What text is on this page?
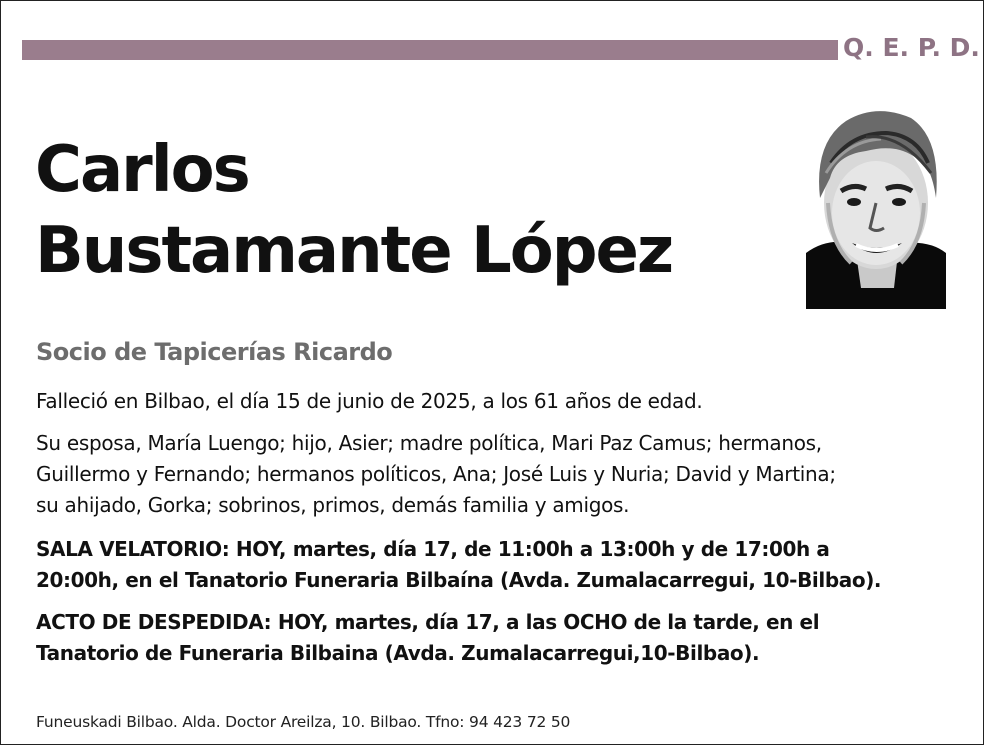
Q. E. P. D.
Carlos
Bustamante López
Socio de Tapicerías Ricardo
Falleció en Bilbao, el día 15 de junio de 2025, a los 61 años de edad.
Su esposa, María Luengo; hijo, Asier; madre política, Mari Paz Camus; hermanos,
Guillermo y Fernando; hermanos políticos, Ana; José Luis y Nuria; David y Martina;
su ahijado, Gorka; sobrinos, primos, demás familia y amigos.
SALA VELATORIO: HOY, martes, día 17, de 11:00h a 13:00h y de 17:00h a
20:00h, en el Tanatorio Funeraria Bilbaína (Avda. Zumalacarregui, 10-Bilbao).
ACTO DE DESPEDIDA: HOY, martes, día 17, a las OCHO de la tarde, en el
Tanatorio de Funeraria Bilbaina (Avda. Zumalacarregui,10-Bilbao).
Funeuskadi Bilbao. Alda. Doctor Areilza, 10. Bilbao. Tfno: 94 423 72 50
